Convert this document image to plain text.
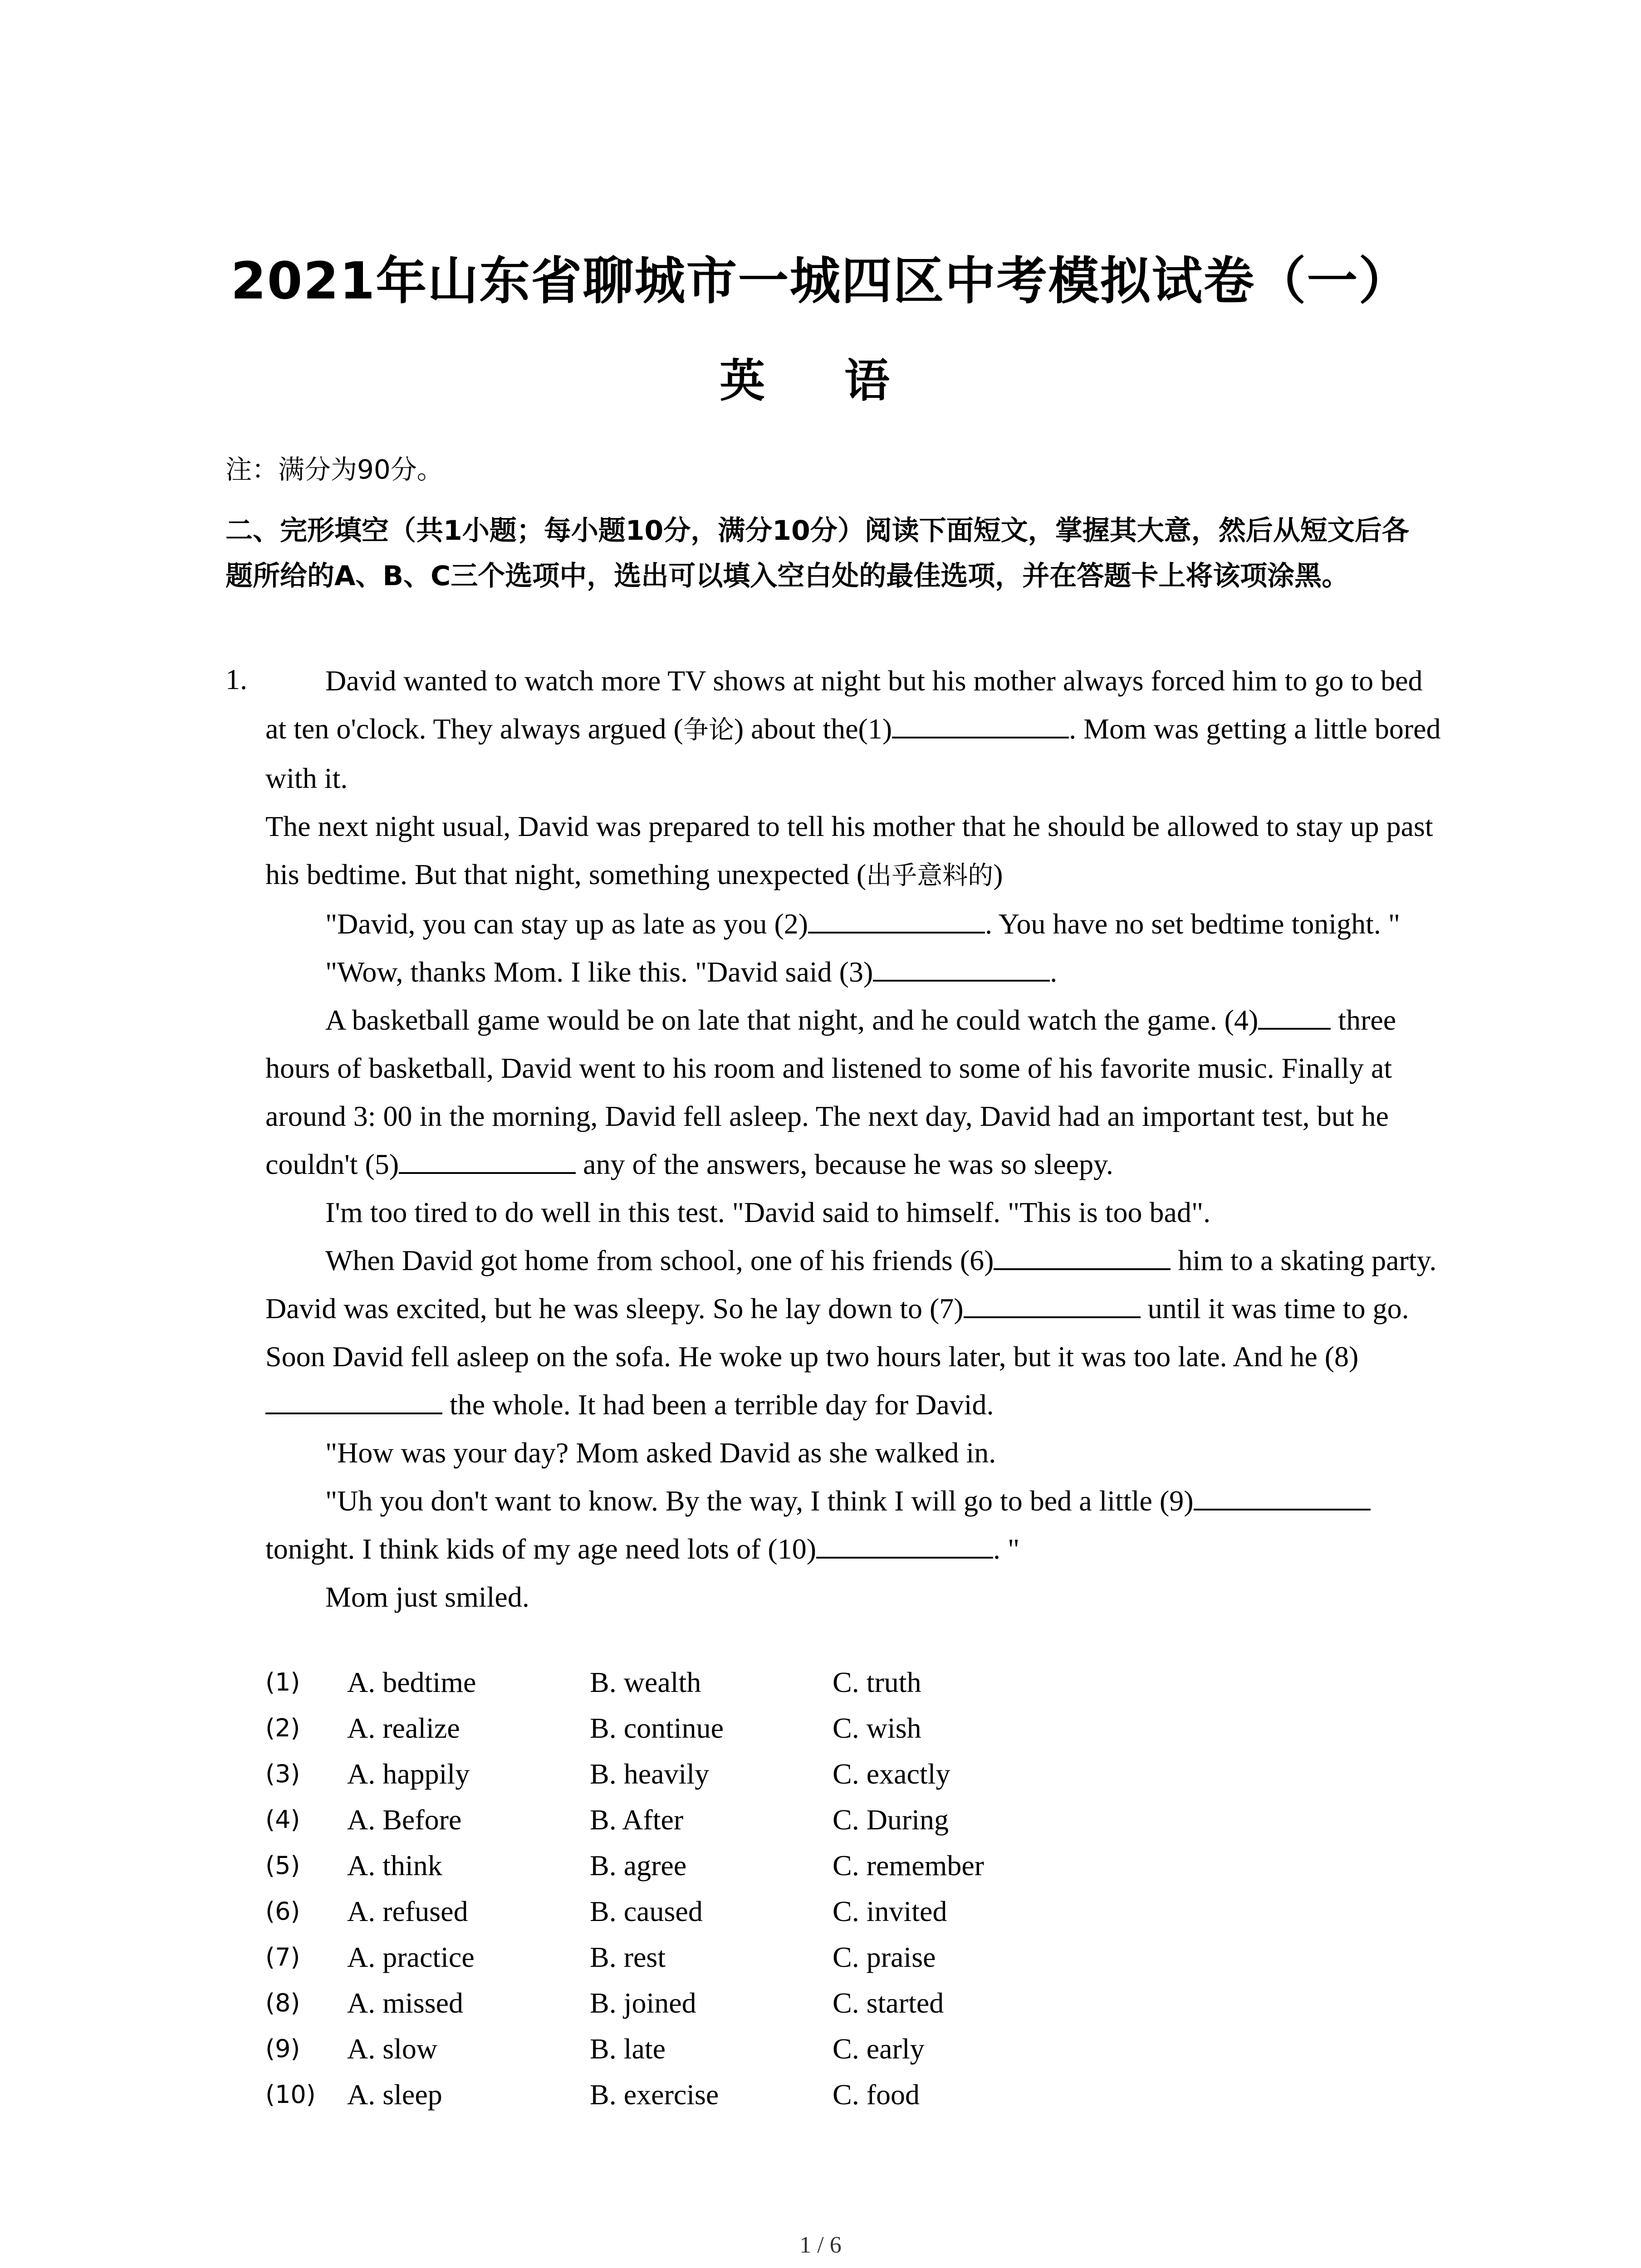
2021年山东省聊城市一城四区中考模拟试卷（一）
英 语
注：满分为90分。
二、完形填空（共1小题；每小题10分，满分10分）阅读下面短文，掌握其大意，然后从短文后各题所给的A、B、C三个选项中，选出可以填入空白处的最佳选项，并在答题卡上将该项涂黑。
1.	David wanted to watch more TV shows at night but his mother always forced him to go to bed at ten o'clock. They always argued (争论) about the(1)	. Mom was getting a little bored with it.

The next night usual, David was prepared to tell his mother that he should be allowed to stay up past his bedtime. But that night, something unexpected (出乎意料的)

"David, you can stay up as late as you (2)	. You have no set bedtime tonight. "

"Wow, thanks Mom. I like this. "David said (3)	.

A basketball game would be on late that night, and he could watch the game. (4)	three hours of basketball, David went to his room and listened to some of his favorite music. Finally at around 3: 00 in the morning, David fell asleep. The next day, David had an important test, but he couldn't (5)	any of the answers, because he was so sleepy.

I'm too tired to do well in this test. "David said to himself. "This is too bad".

When David got home from school, one of his friends (6)	him to a skating party. David was excited, but he was sleepy. So he lay down to (7)	until it was time to go. Soon David fell asleep on the sofa. He woke up two hours later, but it was too late. And he (8) the whole. It had been a terrible day for David.

"How was your day? Mom asked David as she walked in.

"Uh you don't want to know. By the way, I think I will go to bed a little (9) tonight. I think kids of my age need lots of (10)	. "

Mom just smiled.

(1)	A. bedtime	B. wealth	C. truth
(2)	A. realize	B. continue	C. wish
(3)	A. happily	B. heavily	C. exactly
(4)	A. Before	B. After	C. During
(5)	A. think	B. agree	C. remember
(6)	A. refused	B. caused	C. invited
(7)	A. practice	B. rest	C. praise
(8)	A. missed	B. joined	C. started
(9)	A. slow	B. late	C. early
(10)	A. sleep	B. exercise	C. food
1 / 6
